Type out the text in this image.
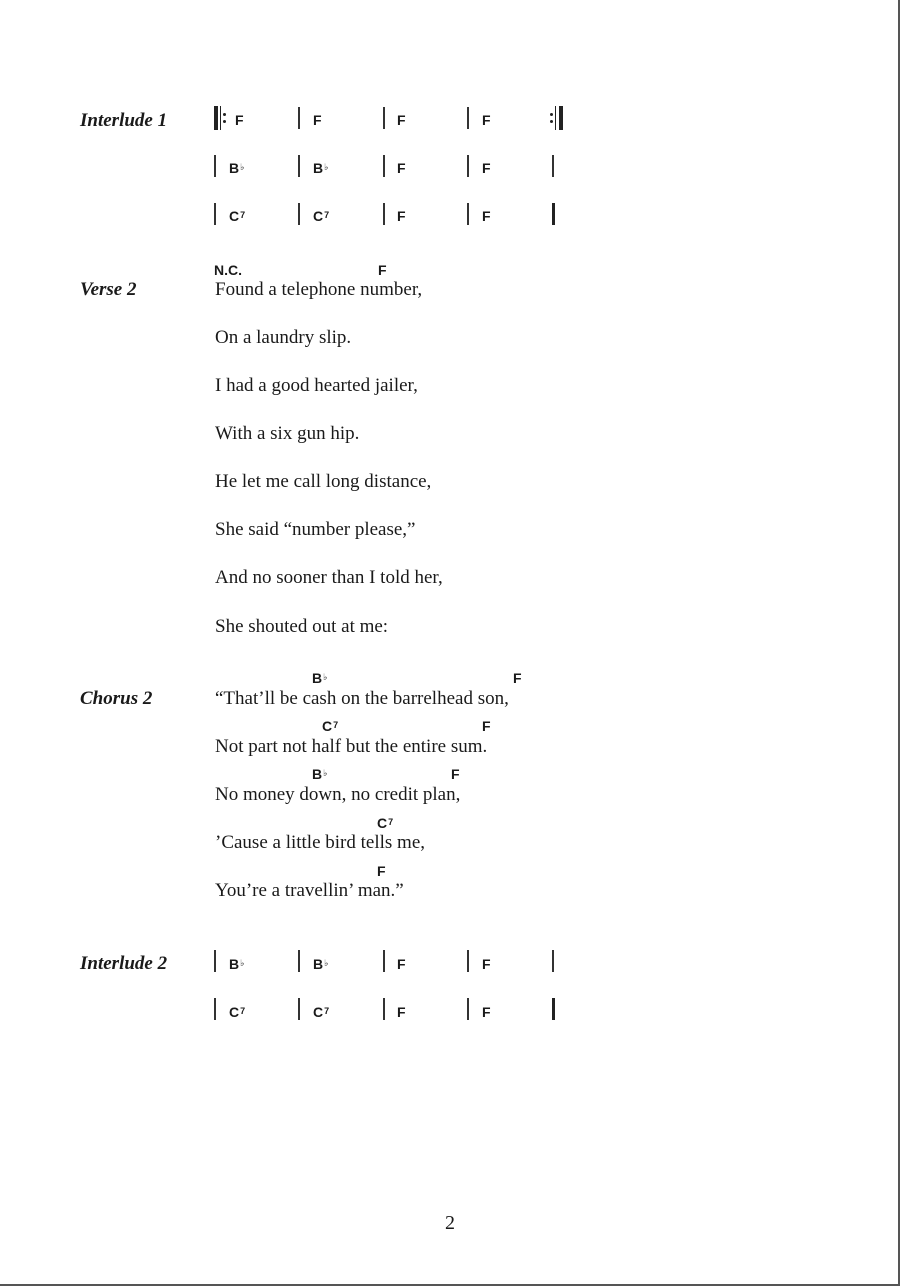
Interlude 1	F	F	F	F
B♭	B♭	F	F
$C^7$	$C^7$	F	F
N.C.	F
Verse 2	Found a telephone number,
On a laundry slip.
I had a good hearted jailer,
With a six gun hip.
He let me call long distance,
She said “number please,”
And no sooner than I told her,
She shouted out at me:
B♭	F
Chorus 2	“That’ll be cash on the barrelhead son,
$C^7$	F
Not part not half but the entire sum.
B♭	F
No money down, no credit plan,
$C^7$
’Cause a little bird tells me,
F
You’re a travellin’ man.”
Interlude 2	B♭	B♭	F	F
$C^7$	$C^7$	F	F
2
